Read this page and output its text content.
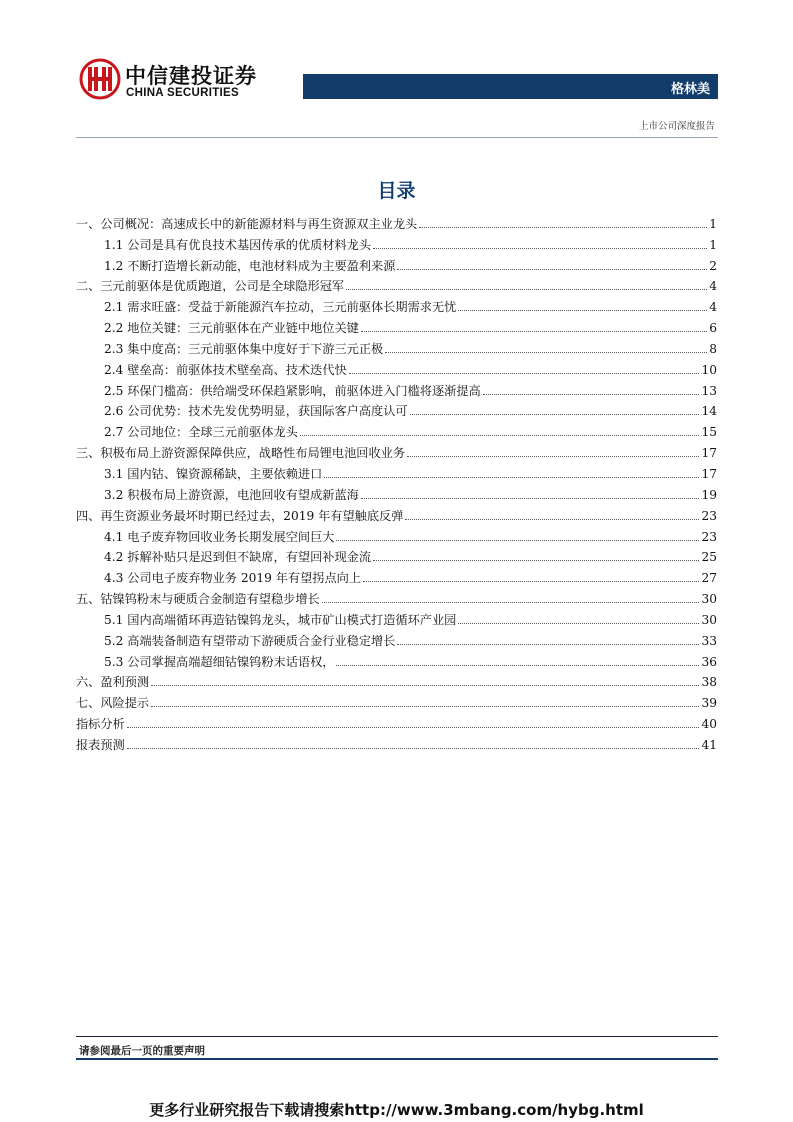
中信建投证券
CHINA SECURITIES	格林美
上市公司深度报告
目录
一、公司概况：高速成长中的新能源材料与再生资源双主业龙头	1
1.1 公司是具有优良技术基因传承的优质材料龙头	1
1.2 不断打造增长新动能，电池材料成为主要盈利来源	2
二、三元前驱体是优质跑道，公司是全球隐形冠军	4
2.1 需求旺盛：受益于新能源汽车拉动，三元前驱体长期需求无忧	4
2.2 地位关键：三元前驱体在产业链中地位关键	6
2.3 集中度高：三元前驱体集中度好于下游三元正极	8
2.4 壁垒高：前驱体技术壁垒高、技术迭代快	10
2.5 环保门槛高：供给端受环保趋紧影响，前驱体进入门槛将逐渐提高	13
2.6 公司优势：技术先发优势明显，获国际客户高度认可	14
2.7 公司地位：全球三元前驱体龙头	15
三、积极布局上游资源保障供应，战略性布局锂电池回收业务	17
3.1 国内钴、镍资源稀缺，主要依赖进口	17
3.2 积极布局上游资源，电池回收有望成新蓝海	19
四、再生资源业务最坏时期已经过去，2019 年有望触底反弹	23
4.1 电子废弃物回收业务长期发展空间巨大	23
4.2 拆解补贴只是迟到但不缺席，有望回补现金流	25
4.3 公司电子废弃物业务 2019 年有望拐点向上	27
五、钴镍钨粉末与硬质合金制造有望稳步增长	30
5.1 国内高端循环再造钴镍钨龙头，城市矿山模式打造循环产业园	30
5.2 高端装备制造有望带动下游硬质合金行业稳定增长	33
5.3 公司掌握高端超细钴镍钨粉末话语权，	36
六、盈利预测	38
七、风险提示	39
指标分析	40
报表预测	41
请参阅最后一页的重要声明
更多行业研究报告下载请搜索http://www.3mbang.com/hybg.html
